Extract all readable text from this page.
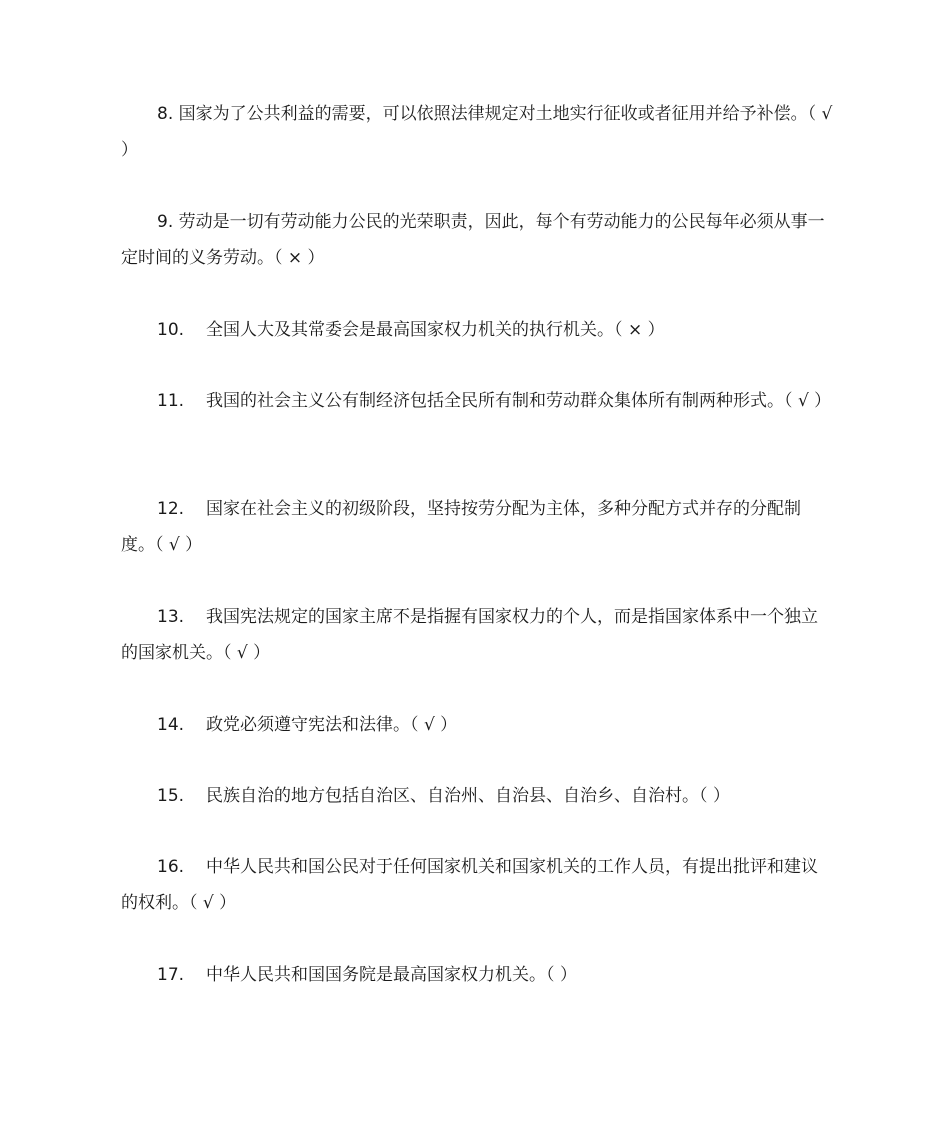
8. 国家为了公共利益的需要，可以依照法律规定对土地实行征收或者征用并给予补偿。（ √ ）

9. 劳动是一切有劳动能力公民的光荣职责，因此，每个有劳动能力的公民每年必须从事一定时间的义务劳动。（ × ）

10. 全国人大及其常委会是最高国家权力机关的执行机关。（ × ）

11. 我国的社会主义公有制经济包括全民所有制和劳动群众集体所有制两种形式。（ √ ）

12. 国家在社会主义的初级阶段，坚持按劳分配为主体，多种分配方式并存的分配制度。（ √ ）

13. 我国宪法规定的国家主席不是指握有国家权力的个人，而是指国家体系中一个独立的国家机关。（ √ ）

14. 政党必须遵守宪法和法律。（ √ ）

15. 民族自治的地方包括自治区、自治州、自治县、自治乡、自治村。（ ）

16. 中华人民共和国公民对于任何国家机关和国家机关的工作人员，有提出批评和建议的权利。（ √ ）

17. 中华人民共和国国务院是最高国家权力机关。（ ）
